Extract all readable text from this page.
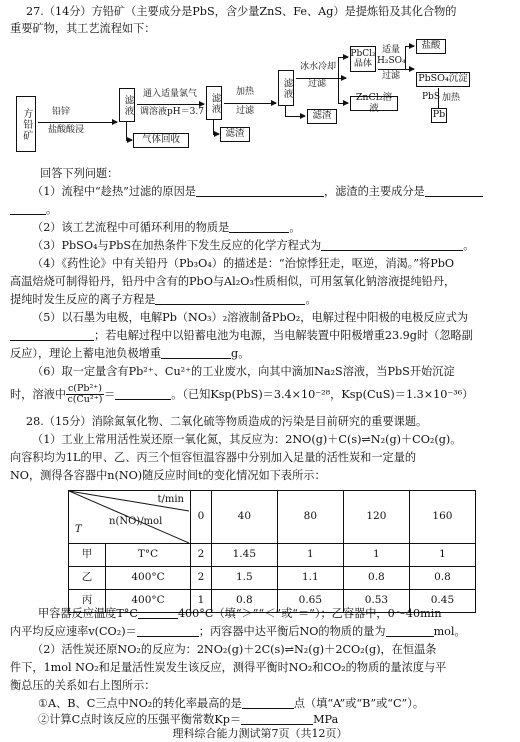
27.（14分）方铅矿（主要成分是PbS，含少量ZnS、Fe、Ag）是提炼铅及其化合物的
重要矿物，其工艺流程如下：
方铅矿	铅锌
盐酸酸浸
滤液
气体回收
通入适量氯气
调溶液pH＝3.7 滤液
滤渣
加热
过滤
滤液
滤渣
冰水冷却
过滤
PbCl₂晶体
ZnCl₂溶液
适量
H₂SO₄
过滤
盐酸
PbSO₄沉淀
PbS 加热
Pb
回答下列问题：
（1）流程中“趁热”过滤的原因是	，滤渣的主要成分是
。
（2）该工艺流程中可循环利用的物质是	。
（3）PbSO₄与PbS在加热条件下发生反应的化学方程式为	。
（4）《药性论》中有关铅丹（Pb₃O₄）的描述是：“治惊悸狂走，呕逆，消渴。”将PbO
高温焙烧可制得铅丹，铅丹中含有的PbO与Al₂O₃性质相似，可用氢氧化钠溶液提纯铅丹，
提纯时发生反应的离子方程是	。
（5）以石墨为电极，电解Pb（NO₃）₂溶液制备PbO₂，电解过程中阳极的电极反应式为
；若电解过程中以铅蓄电池为电源，当电解装置中阳极增重23.9g时（忽略副
反应），理论上蓄电池负极增重	g。
（6）取一定量含有Pb²⁺、Cu²⁺的工业废水，向其中滴加Na₂S溶液，当PbS开始沉淀
时，溶液中 $\frac{\text{c(Pb²⁺)}}{\text{c(Cu²⁺)}}$ ＝	。（已知Ksp(PbS)＝3.4×10⁻²⁸，Ksp(CuS)＝1.3×10⁻³⁶）
28.（15分）消除氮氧化物、二氧化硫等物质造成的污染是目前研究的重要课题。
（1）工业上常用活性炭还原一氧化氮，其反应为：2NO(g)＋C(s)⇌N₂(g)＋CO₂(g)。
向容积均为1L的甲、乙、丙三个恒容恒温容器中分别加入足量的活性炭和一定量的
NO，测得各容器中n(NO)随反应时间t的变化情况如下表所示：
t/min
n(NO)/mol
T		0	40	80	120	160
甲	T°C	2	1.45	1	1	1
乙	400°C	2	1.5	1.1	0.8	0.8
丙	400°C	1	0.8	0.65	0.53	0.45
甲容器反应温度T°C	400°C（填“＞”“＜”或“＝”）；乙容器中，0～40min
内平均反应速率v(CO₂)＝	；丙容器中达平衡后NO的物质的量为	mol。
（2）活性炭还原NO₂的反应为：2NO₂(g)＋2C(s)⇌N₂(g)＋2CO₂(g)，在恒温条
件下，1mol NO₂和足量活性炭发生该反应，测得平衡时NO₂和CO₂的物质的量浓度与平
衡总压的关系如右上图所示：
①A、B、C三点中NO₂的转化率最高的是	点（填“A”或“B”或“C”）。
②计算C点时该反应的压强平衡常数Kp＝	MPa
理科综合能力测试第7页（共12页）
